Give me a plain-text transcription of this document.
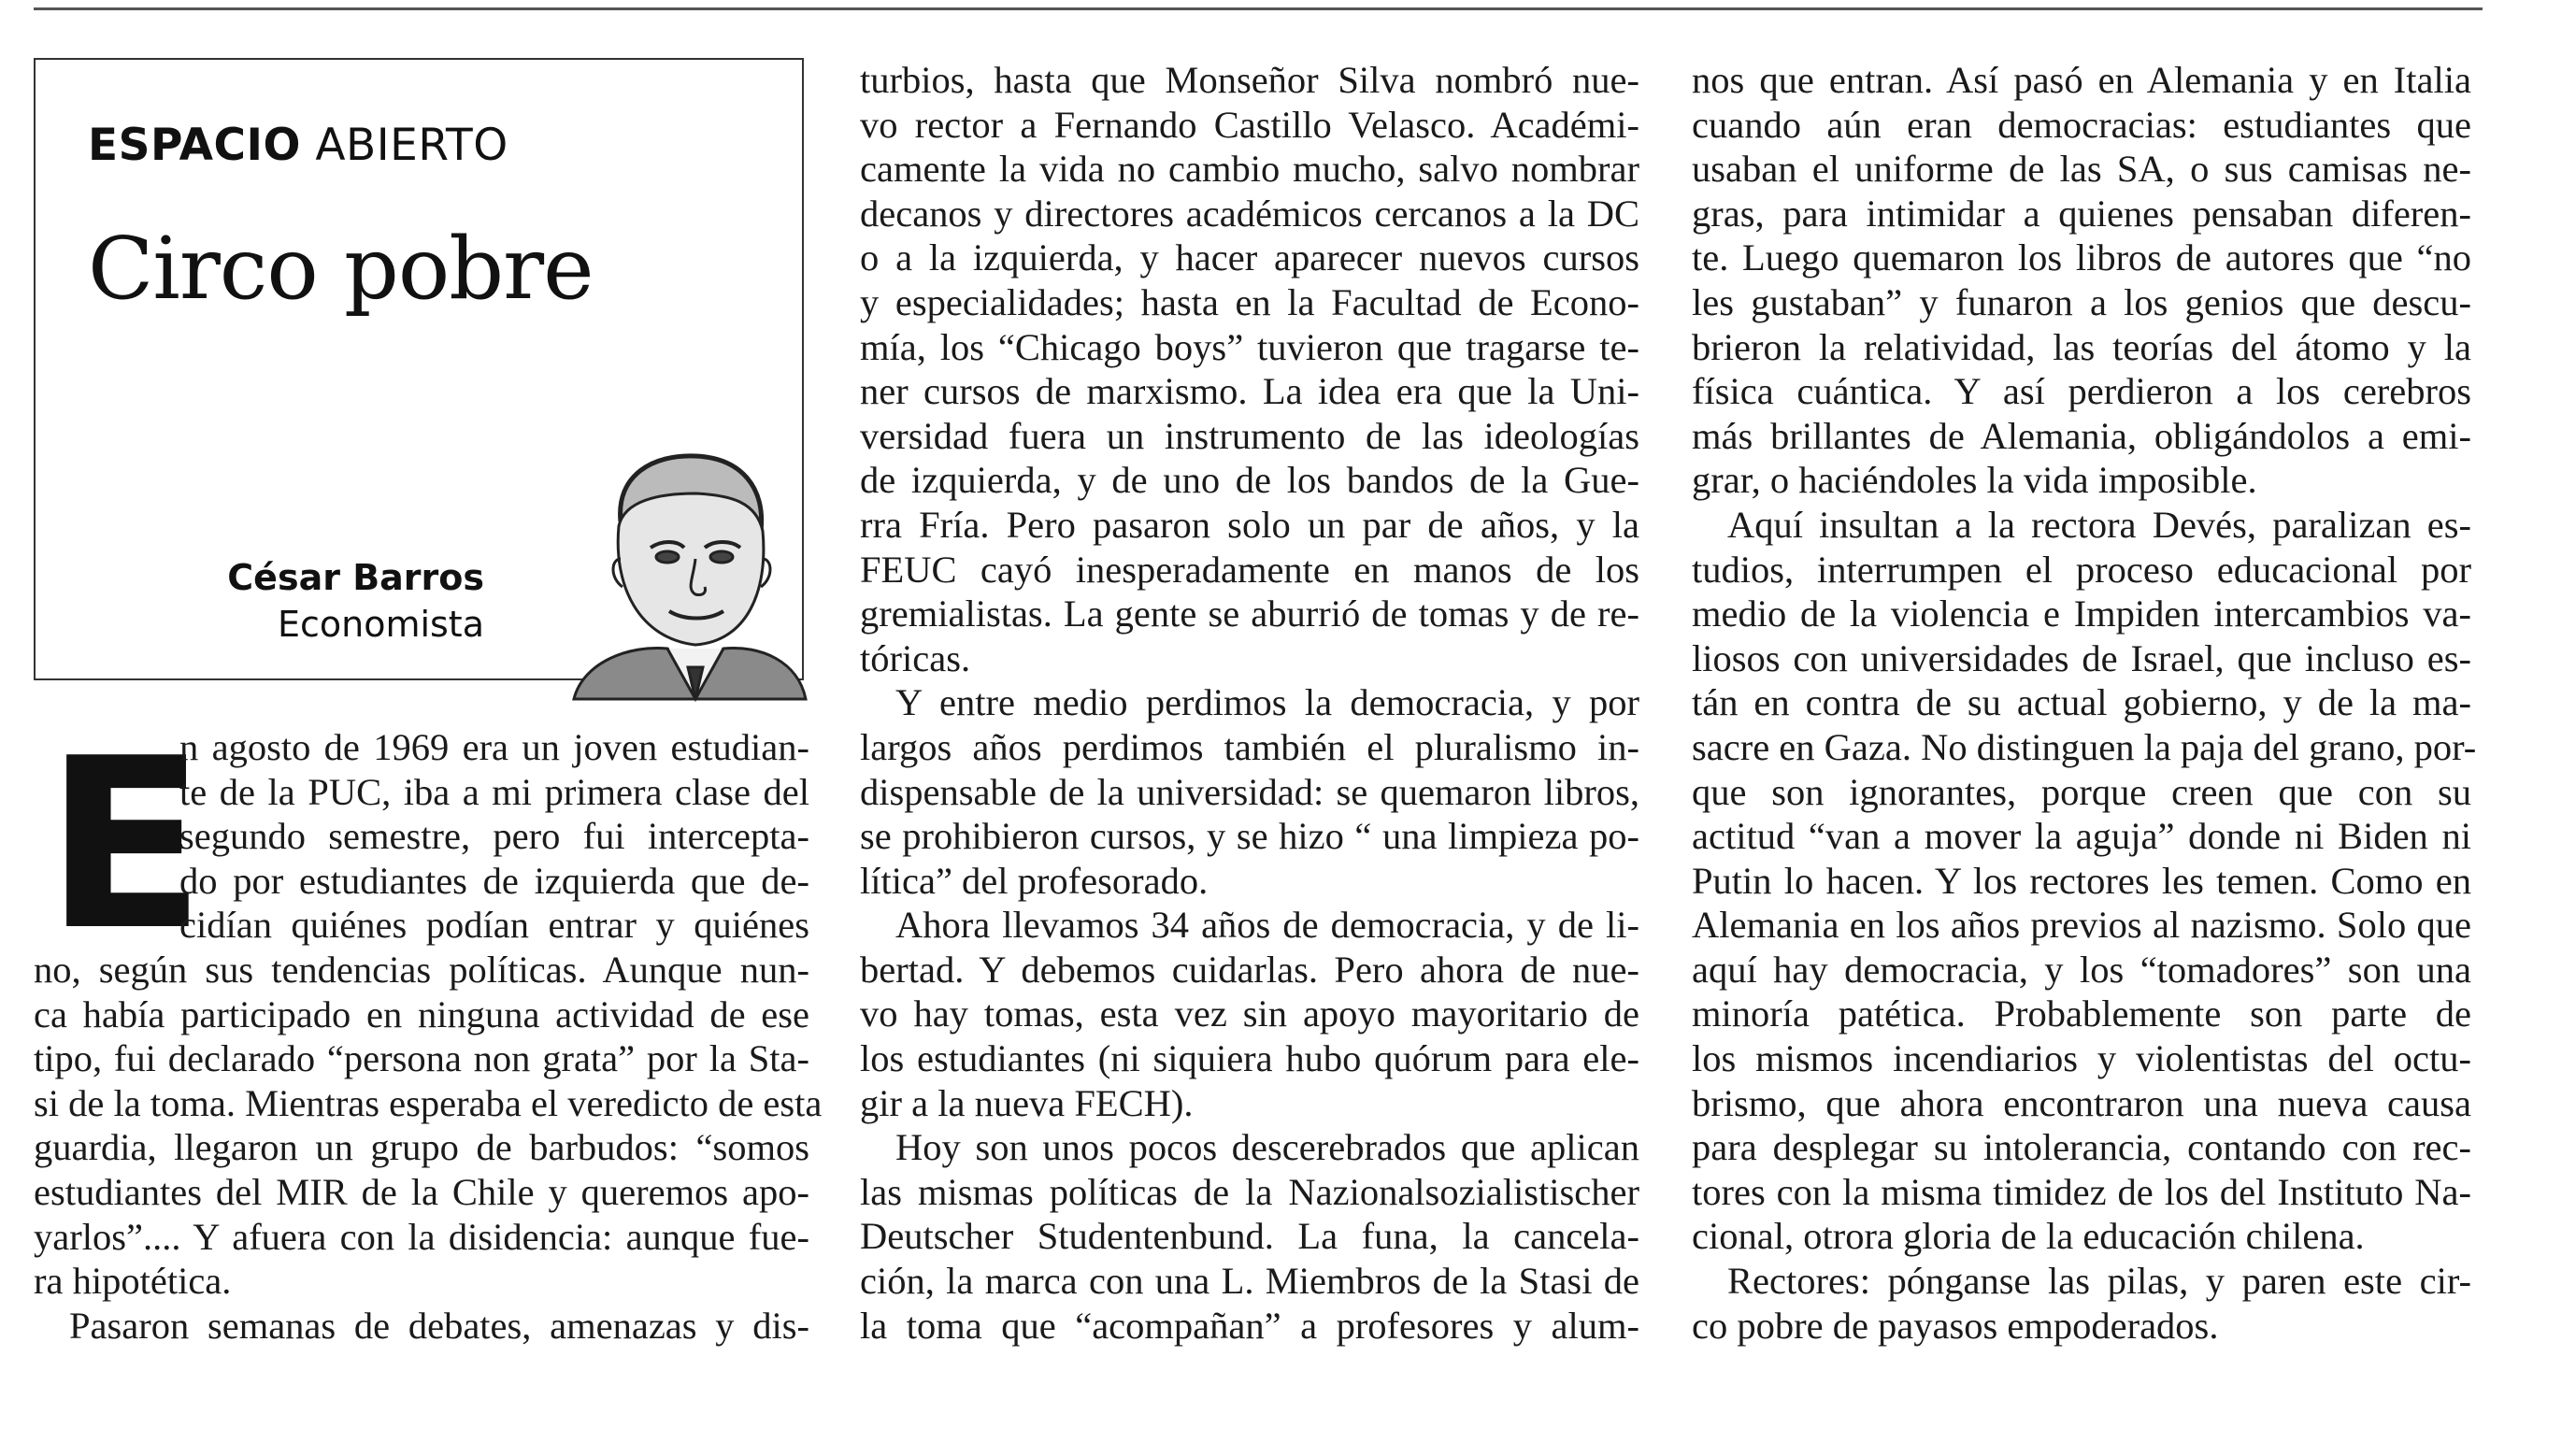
ESPACIO ABIERTO
Circo pobre
César Barros
Economista
E
n agosto de 1969 era un joven estudian-
te de la PUC, iba a mi primera clase del
segundo semestre, pero fui intercepta-
do por estudiantes de izquierda que de-
cidían quiénes podían entrar y quiénes
no, según sus tendencias políticas. Aunque nun-
ca había participado en ninguna actividad de ese
tipo, fui declarado “persona non grata” por la Sta-
si de la toma. Mientras esperaba el veredicto de esta
guardia, llegaron un grupo de barbudos: “somos
estudiantes del MIR de la Chile y queremos apo-
yarlos”.... Y afuera con la disidencia: aunque fue-
ra hipotética.
Pasaron semanas de debates, amenazas y dis-
turbios, hasta que Monseñor Silva nombró nue-
vo rector a Fernando Castillo Velasco. Académi-
camente la vida no cambio mucho, salvo nombrar
decanos y directores académicos cercanos a la DC
o a la izquierda, y hacer aparecer nuevos cursos
y especialidades; hasta en la Facultad de Econo-
mía, los “Chicago boys” tuvieron que tragarse te-
ner cursos de marxismo. La idea era que la Uni-
versidad fuera un instrumento de las ideologías
de izquierda, y de uno de los bandos de la Gue-
rra Fría. Pero pasaron solo un par de años, y la
FEUC cayó inesperadamente en manos de los
gremialistas. La gente se aburrió de tomas y de re-
tóricas.
Y entre medio perdimos la democracia, y por
largos años perdimos también el pluralismo in-
dispensable de la universidad: se quemaron libros,
se prohibieron cursos, y se hizo “ una limpieza po-
lítica” del profesorado.
Ahora llevamos 34 años de democracia, y de li-
bertad. Y debemos cuidarlas. Pero ahora de nue-
vo hay tomas, esta vez sin apoyo mayoritario de
los estudiantes (ni siquiera hubo quórum para ele-
gir a la nueva FECH).
Hoy son unos pocos descerebrados que aplican
las mismas políticas de la Nazionalsozialistischer
Deutscher Studentenbund. La funa, la cancela-
ción, la marca con una L. Miembros de la Stasi de
la toma que “acompañan” a profesores y alum-
nos que entran. Así pasó en Alemania y en Italia
cuando aún eran democracias: estudiantes que
usaban el uniforme de las SA, o sus camisas ne-
gras, para intimidar a quienes pensaban diferen-
te. Luego quemaron los libros de autores que “no
les gustaban” y funaron a los genios que descu-
brieron la relatividad, las teorías del átomo y la
física cuántica. Y así perdieron a los cerebros
más brillantes de Alemania, obligándolos a emi-
grar, o haciéndoles la vida imposible.
Aquí insultan a la rectora Devés, paralizan es-
tudios, interrumpen el proceso educacional por
medio de la violencia e Impiden intercambios va-
liosos con universidades de Israel, que incluso es-
tán en contra de su actual gobierno, y de la ma-
sacre en Gaza. No distinguen la paja del grano, por-
que son ignorantes, porque creen que con su
actitud “van a mover la aguja” donde ni Biden ni
Putin lo hacen. Y los rectores les temen. Como en
Alemania en los años previos al nazismo. Solo que
aquí hay democracia, y los “tomadores” son una
minoría patética. Probablemente son parte de
los mismos incendiarios y violentistas del octu-
brismo, que ahora encontraron una nueva causa
para desplegar su intolerancia, contando con rec-
tores con la misma timidez de los del Instituto Na-
cional, otrora gloria de la educación chilena.
Rectores: pónganse las pilas, y paren este cir-
co pobre de payasos empoderados.
